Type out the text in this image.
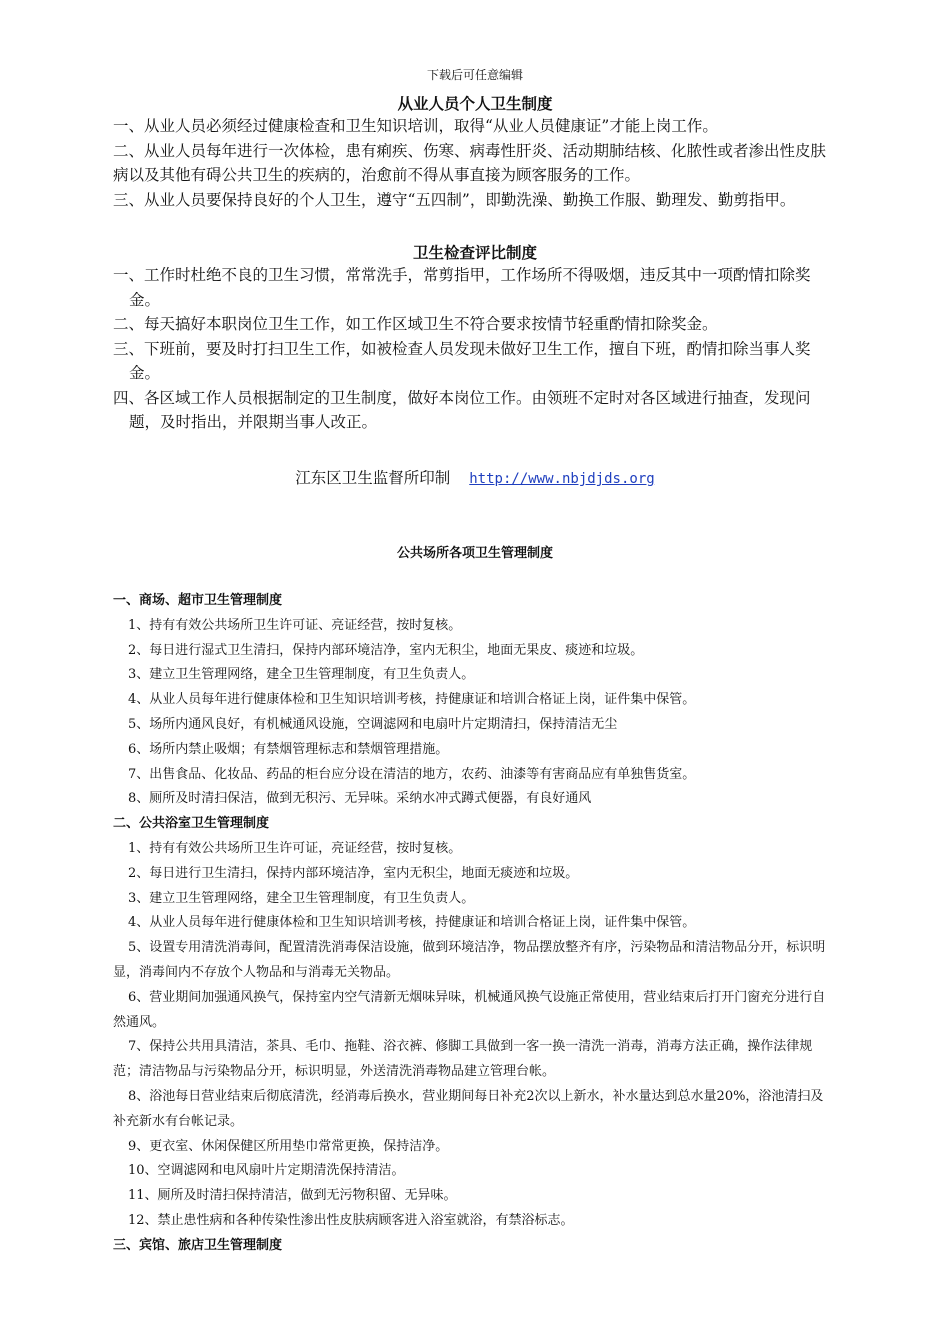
下载后可任意编辑
从业人员个人卫生制度

一、从业人员必须经过健康检查和卫生知识培训，取得“从业人员健康证”才能上岗工作。

二、从业人员每年进行一次体检，患有痢疾、伤寒、病毒性肝炎、活动期肺结核、化脓性或者渗出性皮肤病以及其他有碍公共卫生的疾病的，治愈前不得从事直接为顾客服务的工作。

三、从业人员要保持良好的个人卫生，遵守“五四制”，即勤洗澡、勤换工作服、勤理发、勤剪指甲。

卫生检查评比制度

一、工作时杜绝不良的卫生习惯，常常洗手，常剪指甲，工作场所不得吸烟，违反其中一项酌情扣除奖金。

二、每天搞好本职岗位卫生工作，如工作区域卫生不符合要求按情节轻重酌情扣除奖金。

三、下班前，要及时打扫卫生工作，如被检查人员发现未做好卫生工作，擅自下班，酌情扣除当事人奖金。

四、各区域工作人员根据制定的卫生制度，做好本岗位工作。由领班不定时对各区域进行抽查，发现问题，及时指出，并限期当事人改正。

江东区卫生监督所印制 http://www.nbjdjds.org
公共场所各项卫生管理制度

一、商场、超市卫生管理制度

1、持有有效公共场所卫生许可证、亮证经营，按时复核。

2、每日进行湿式卫生清扫，保持内部环境洁净，室内无积尘，地面无果皮、痰迹和垃圾。

3、建立卫生管理网络，建全卫生管理制度，有卫生负责人。

4、从业人员每年进行健康体检和卫生知识培训考核，持健康证和培训合格证上岗，证件集中保管。

5、场所内通风良好，有机械通风设施，空调滤网和电扇叶片定期清扫，保持清洁无尘

6、场所内禁止吸烟；有禁烟管理标志和禁烟管理措施。

7、出售食品、化妆品、药品的柜台应分设在清洁的地方，农药、油漆等有害商品应有单独售货室。

8、厕所及时清扫保洁，做到无积污、无异味。采纳水冲式蹲式便器，有良好通风

二、公共浴室卫生管理制度

1、持有有效公共场所卫生许可证，亮证经营，按时复核。

2、每日进行卫生清扫，保持内部环境洁净，室内无积尘，地面无痰迹和垃圾。

3、建立卫生管理网络，建全卫生管理制度，有卫生负责人。

4、从业人员每年进行健康体检和卫生知识培训考核，持健康证和培训合格证上岗，证件集中保管。

5、设置专用清洗消毒间，配置清洗消毒保洁设施，做到环境洁净，物品摆放整齐有序，污染物品和清洁物品分开，标识明显，消毒间内不存放个人物品和与消毒无关物品。

6、营业期间加强通风换气，保持室内空气清新无烟味异味，机械通风换气设施正常使用，营业结束后打开门窗充分进行自然通风。

7、保持公共用具清洁，茶具、毛巾、拖鞋、浴衣裤、修脚工具做到一客一换一清洗一消毒，消毒方法正确，操作法律规范；清洁物品与污染物品分开，标识明显，外送清洗消毒物品建立管理台帐。

8、浴池每日营业结束后彻底清洗，经消毒后换水，营业期间每日补充2次以上新水，补水量达到总水量20%，浴池清扫及补充新水有台帐记录。

9、更衣室、休闲保健区所用垫巾常常更换，保持洁净。

10、空调滤网和电风扇叶片定期清洗保持清洁。

11、厕所及时清扫保持清洁，做到无污物积留、无异味。

12、禁止患性病和各种传染性渗出性皮肤病顾客进入浴室就浴，有禁浴标志。

三、宾馆、旅店卫生管理制度
